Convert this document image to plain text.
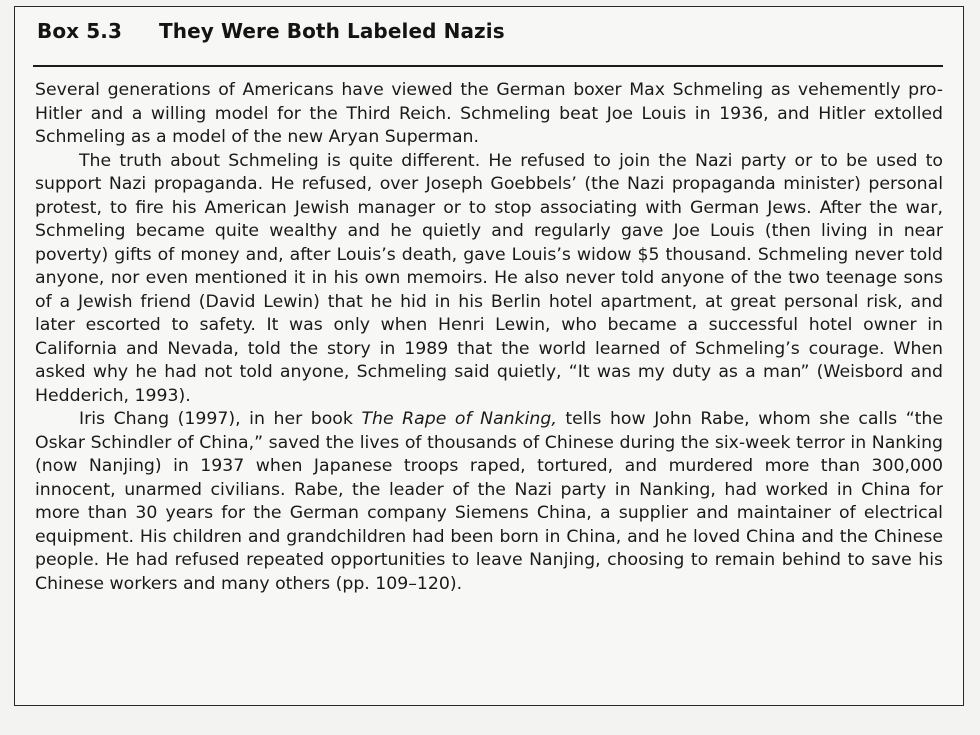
Box 5.3 They Were Both Labeled Nazis

Several generations of Americans have viewed the German boxer Max Schmeling as vehemently pro-Hitler and a willing model for the Third Reich. Schmeling beat Joe Louis in 1936, and Hitler extolled Schmeling as a model of the new Aryan Superman.

The truth about Schmeling is quite different. He refused to join the Nazi party or to be used to support Nazi propaganda. He refused, over Joseph Goebbels’ (the Nazi propaganda minister) personal protest, to fire his American Jewish manager or to stop associating with German Jews. After the war, Schmeling became quite wealthy and he quietly and regularly gave Joe Louis (then living in near poverty) gifts of money and, after Louis’s death, gave Louis’s widow $5 thousand. Schmeling never told anyone, nor even mentioned it in his own memoirs. He also never told anyone of the two teenage sons of a Jewish friend (David Lewin) that he hid in his Berlin hotel apartment, at great personal risk, and later escorted to safety. It was only when Henri Lewin, who became a successful hotel owner in California and Nevada, told the story in 1989 that the world learned of Schmeling’s courage. When asked why he had not told anyone, Schmeling said quietly, “It was my duty as a man” (Weisbord and Hedderich, 1993).

Iris Chang (1997), in her book The Rape of Nanking, tells how John Rabe, whom she calls “the Oskar Schindler of China,” saved the lives of thousands of Chinese during the six-week terror in Nanking (now Nanjing) in 1937 when Japanese troops raped, tortured, and murdered more than 300,000 innocent, unarmed civilians. Rabe, the leader of the Nazi party in Nanking, had worked in China for more than 30 years for the German company Siemens China, a supplier and maintainer of electrical equipment. His children and grandchildren had been born in China, and he loved China and the Chinese people. He had refused repeated opportunities to leave Nanjing, choosing to remain behind to save his Chinese workers and many others (pp. 109–120).
